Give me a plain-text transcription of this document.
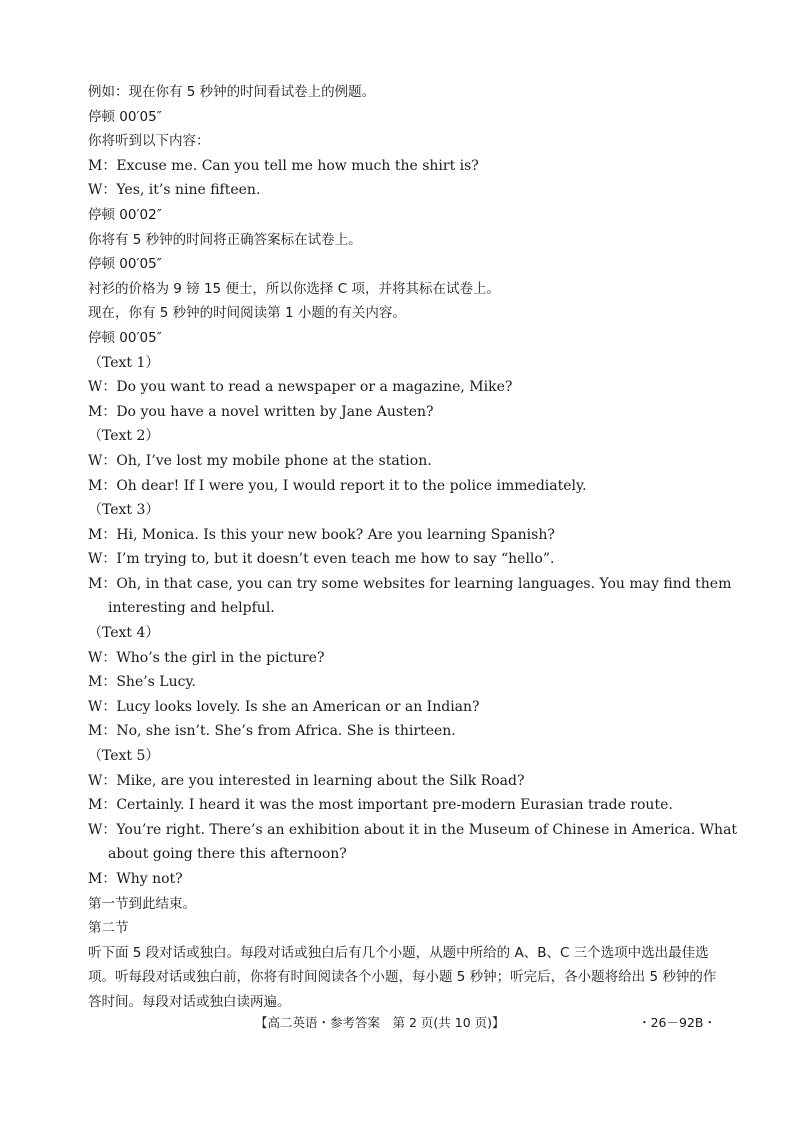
例如：现在你有 5 秒钟的时间看试卷上的例题。
停顿 00′05″
你将听到以下内容：
M：Excuse me. Can you tell me how much the shirt is?
W：Yes, it’s nine fifteen.
停顿 00′02″
你将有 5 秒钟的时间将正确答案标在试卷上。
停顿 00′05″
衬衫的价格为 9 镑 15 便士，所以你选择 C 项，并将其标在试卷上。
现在，你有 5 秒钟的时间阅读第 1 小题的有关内容。
停顿 00′05″
（Text 1）
W：Do you want to read a newspaper or a magazine, Mike?
M：Do you have a novel written by Jane Austen?
（Text 2）
W：Oh, I’ve lost my mobile phone at the station.
M：Oh dear! If I were you, I would report it to the police immediately.
（Text 3）
M：Hi, Monica. Is this your new book? Are you learning Spanish?
W：I’m trying to, but it doesn’t even teach me how to say “hello”.
M：Oh, in that case, you can try some websites for learning languages. You may find them
interesting and helpful.
（Text 4）
W：Who’s the girl in the picture?
M：She’s Lucy.
W：Lucy looks lovely. Is she an American or an Indian?
M：No, she isn’t. She’s from Africa. She is thirteen.
（Text 5）
W：Mike, are you interested in learning about the Silk Road?
M：Certainly. I heard it was the most important pre-modern Eurasian trade route.
W：You’re right. There’s an exhibition about it in the Museum of Chinese in America. What
about going there this afternoon?
M：Why not?
第一节到此结束。
第二节
听下面 5 段对话或独白。每段对话或独白后有几个小题，从题中所给的 A、B、C 三个选项中选出最佳选项。听每段对话或独白前，你将有时间阅读各个小题，每小题 5 秒钟；听完后，各小题将给出 5 秒钟的作答时间。每段对话或独白读两遍。
【高二英语・参考答案　第 2 页(共 10 页)】	・26－92B・
